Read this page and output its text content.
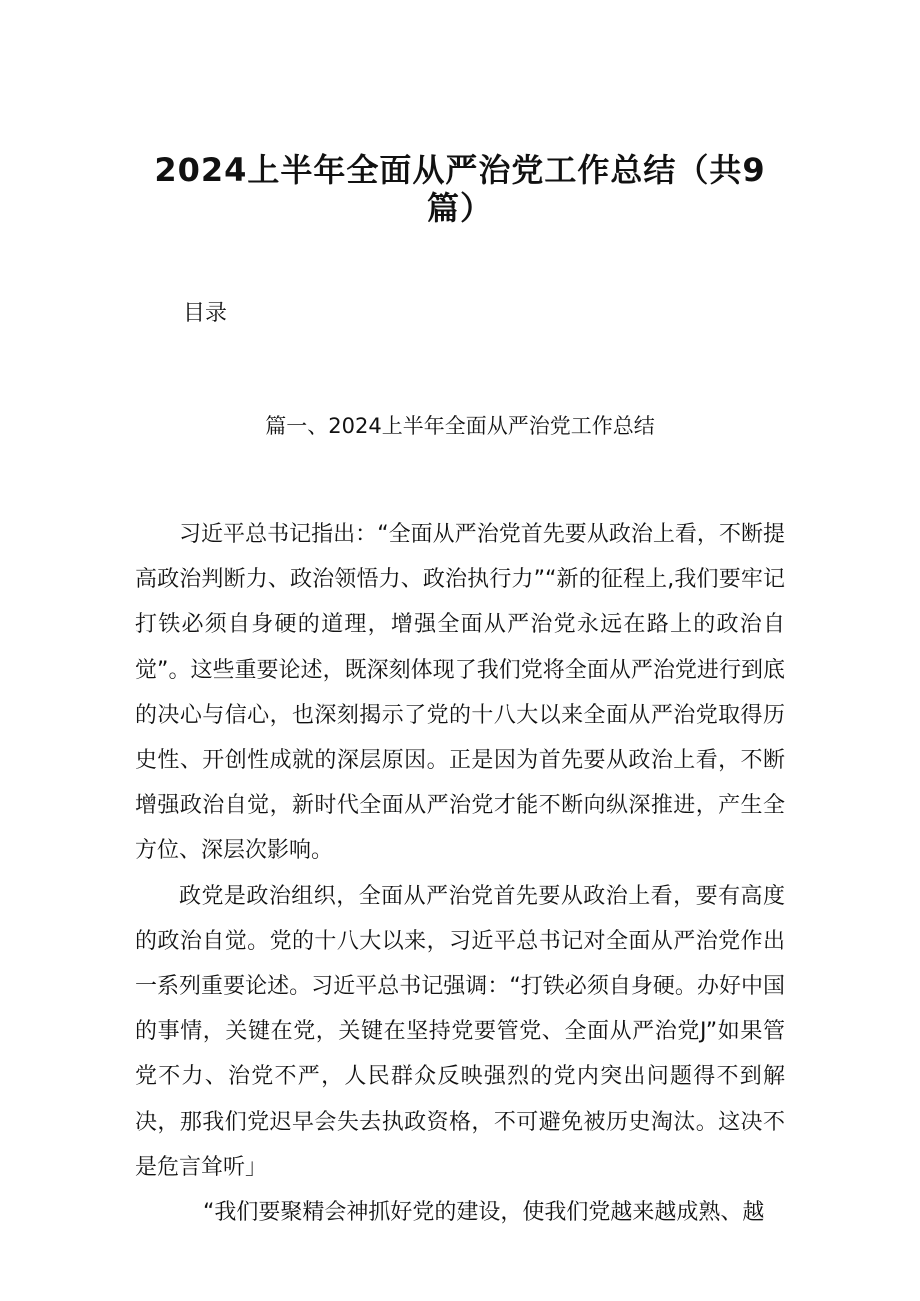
2024上半年全面从严治党工作总结（共9
篇）
目录
篇一、2024上半年全面从严治党工作总结

习近平总书记指出：“全面从严治党首先要从政治上看，不断提高政治判断力、政治领悟力、政治执行力”“新的征程上,我们要牢记打铁必须自身硬的道理，增强全面从严治党永远在路上的政治自觉”。这些重要论述，既深刻体现了我们党将全面从严治党进行到底的决心与信心，也深刻揭示了党的十八大以来全面从严治党取得历史性、开创性成就的深层原因。正是因为首先要从政治上看，不断增强政治自觉，新时代全面从严治党才能不断向纵深推进，产生全方位、深层次影响。

政党是政治组织，全面从严治党首先要从政治上看，要有高度的政治自觉。党的十八大以来，习近平总书记对全面从严治党作出一系列重要论述。习近平总书记强调：“打铁必须自身硬。办好中国的事情，关键在党，关键在坚持党要管党、全面从严治党J”如果管党不力、治党不严，人民群众反映强烈的党内突出问题得不到解决，那我们党迟早会失去执政资格，不可避免被历史淘汰。这决不是危言耸听」

“我们要聚精会神抓好党的建设，使我们党越来越成熟、越
